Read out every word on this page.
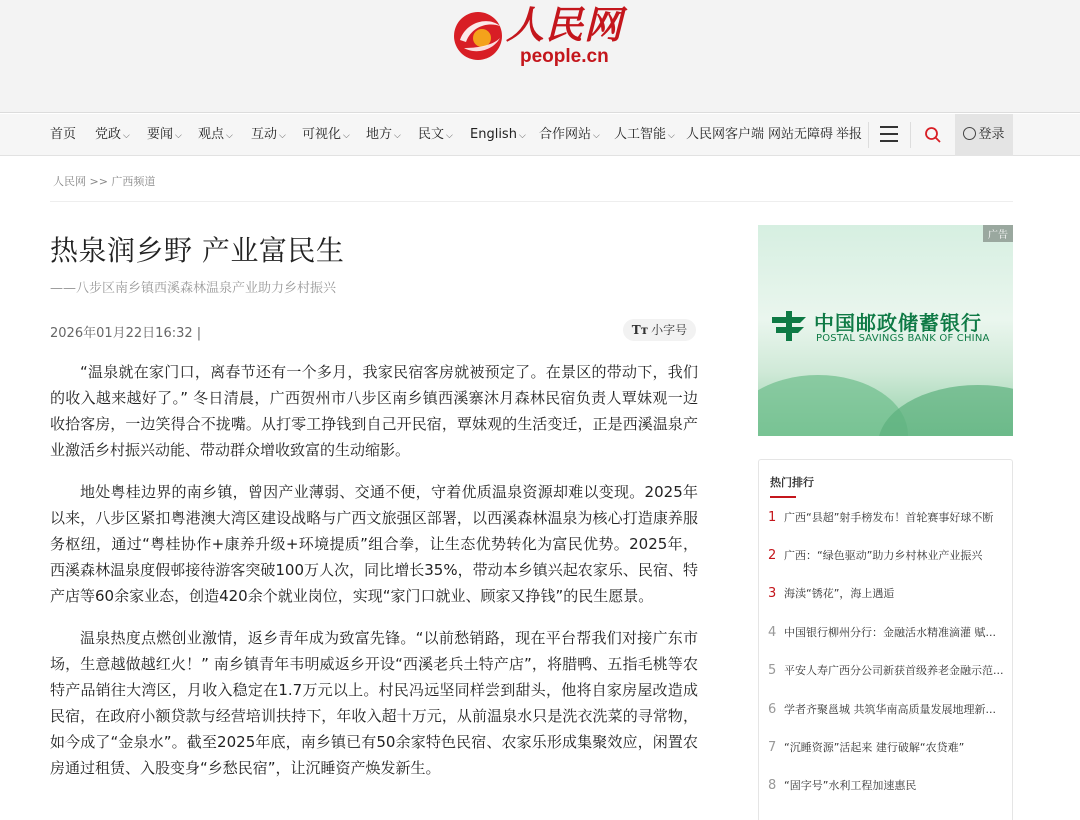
人民网
people.cn
首页 党政 ⌵ 要闻 ⌵ 观点 ⌵ 互动 ⌵ 可视化 ⌵ 地方 ⌵ 民文 ⌵ English ⌵ 合作网站 ⌵ 人工智能 ⌵ 人民网客户端 网站无障碍 举报	登录
人民网 >> 广西频道
热泉润乡野 产业富民生
——八步区南乡镇西溪森林温泉产业助力乡村振兴
2026年01月22日16:32 |	Tт 小字号

“温泉就在家门口，离春节还有一个多月，我家民宿客房就被预定了。在景区的带动下，我们的收入越来越好了。” 冬日清晨，广西贺州市八步区南乡镇西溪寨沐月森林民宿负责人覃妹观一边收拾客房，一边笑得合不拢嘴。从打零工挣钱到自己开民宿，覃妹观的生活变迁，正是西溪温泉产业激活乡村振兴动能、带动群众增收致富的生动缩影。

地处粤桂边界的南乡镇，曾因产业薄弱、交通不便，守着优质温泉资源却难以变现。2025年以来，八步区紧扣粤港澳大湾区建设战略与广西文旅强区部署，以西溪森林温泉为核心打造康养服务枢纽，通过“粤桂协作+康养升级+环境提质”组合拳，让生态优势转化为富民优势。2025年，西溪森林温泉度假邨接待游客突破100万人次，同比增长35%，带动本乡镇兴起农家乐、民宿、特产店等60余家业态，创造420余个就业岗位，实现“家门口就业、顾家又挣钱”的民生愿景。

温泉热度点燃创业激情，返乡青年成为致富先锋。“以前愁销路，现在平台帮我们对接广东市场，生意越做越红火！” 南乡镇青年韦明威返乡开设“西溪老兵土特产店”，将腊鸭、五指毛桃等农特产品销往大湾区，月收入稳定在1.7万元以上。村民冯远坚同样尝到甜头，他将自家房屋改造成民宿，在政府小额贷款与经营培训扶持下，年收入超十万元，从前温泉水只是洗衣洗菜的寻常物，如今成了“金泉水”。截至2025年底，南乡镇已有50余家特色民宿、农家乐形成集聚效应，闲置农房通过租赁、入股变身“乡愁民宿”，让沉睡资产焕发新生。

广告
中国邮政储蓄银行
POSTAL SAVINGS BANK OF CHINA
热门排行
1 广西“县超”射手榜发布！首轮赛事好球不断
2 广西：“绿色驱动”助力乡村林业产业振兴
3 海渎“锈花”，海上遇逅
4 中国银行柳州分行：金融活水精准滴灌 赋...
5 平安人寿广西分公司新获首级养老金融示范...
6 学者齐聚邕城 共筑华南高质量发展地理新...
7 “沉睡资源”活起来 建行破解“农贷难”
8 “固字号”水利工程加速惠民
